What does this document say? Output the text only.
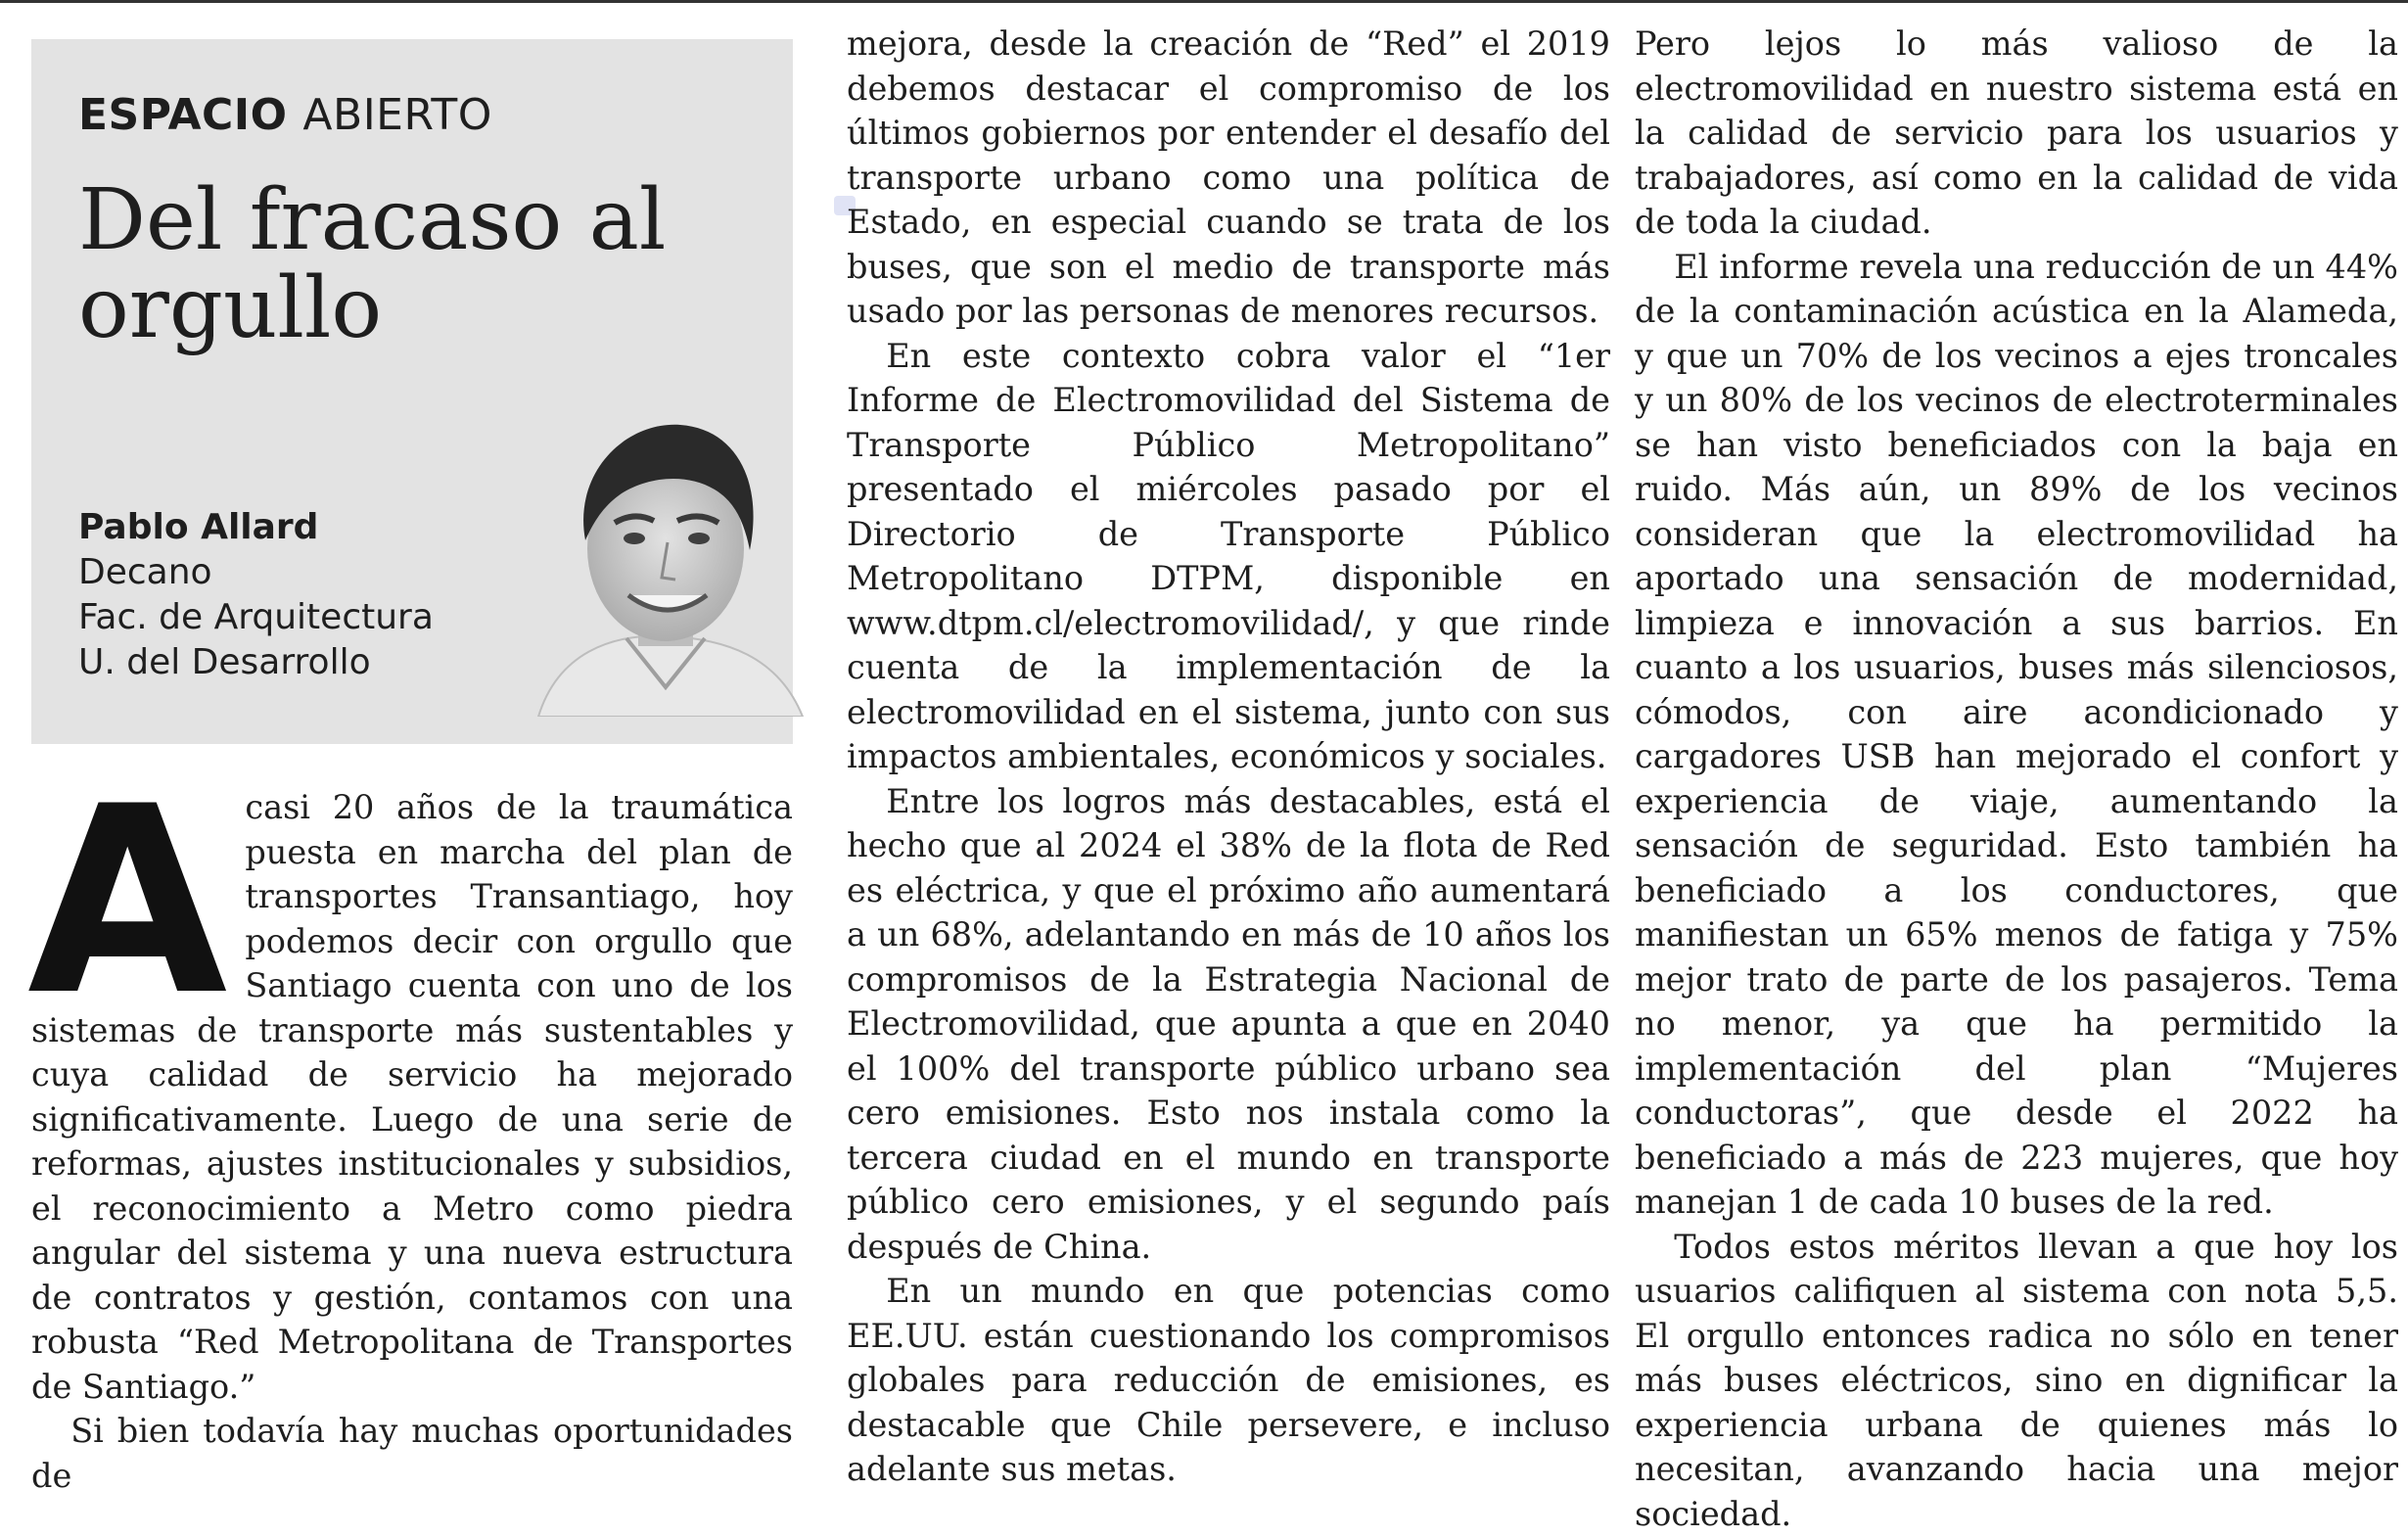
ESPACIO ABIERTO
Del fracaso al
orgullo
Pablo Allard
Decano
Fac. de Arquitectura
U. del Desarrollo

Acasi 20 años de la traumática puesta en marcha del plan de transportes Transantiago, hoy podemos decir con orgullo que Santiago cuenta con uno de los sistemas de transporte más sustentables y cuya calidad de servicio ha mejorado significativamente. Luego de una serie de reformas, ajustes institucionales y subsidios, el reconocimiento a Metro como piedra angular del sistema y una nueva estructura de contratos y gestión, contamos con una robusta “Red Metropolitana de Transportes de Santiago.”

Si bien todavía hay muchas oportunidades de

mejora, desde la creación de “Red” el 2019 debemos destacar el compromiso de los últimos gobiernos por entender el desafío del transporte urbano como una política de Estado, en especial cuando se trata de los buses, que son el medio de transporte más usado por las personas de menores recursos.

En este contexto cobra valor el “1er Informe de Electromovilidad del Sistema de Transporte Público Metropolitano” presentado el miércoles pasado por el Directorio de Transporte Público Metropolitano DTPM, disponible en www.dtpm.cl/electromovilidad/, y que rinde cuenta de la implementación de la electromovilidad en el sistema, junto con sus impactos ambientales, económicos y sociales.

Entre los logros más destacables, está el hecho que al 2024 el 38% de la flota de Red es eléctrica, y que el próximo año aumentará a un 68%, adelantando en más de 10 años los compromisos de la Estrategia Nacional de Electromovilidad, que apunta a que en 2040 el 100% del transporte público urbano sea cero emisiones. Esto nos instala como la tercera ciudad en el mundo en transporte público cero emisiones, y el segundo país después de China.

En un mundo en que potencias como EE.UU. están cuestionando los compromisos globales para reducción de emisiones, es destacable que Chile persevere, e incluso adelante sus metas.

Pero lejos lo más valioso de la electromovilidad en nuestro sistema está en la calidad de servicio para los usuarios y trabajadores, así como en la calidad de vida de toda la ciudad.

El informe revela una reducción de un 44% de la contaminación acústica en la Alameda, y que un 70% de los vecinos a ejes troncales y un 80% de los vecinos de electroterminales se han visto beneficiados con la baja en ruido. Más aún, un 89% de los vecinos consideran que la electromovilidad ha aportado una sensación de modernidad, limpieza e innovación a sus barrios. En cuanto a los usuarios, buses más silenciosos, cómodos, con aire acondicionado y cargadores USB han mejorado el confort y experiencia de viaje, aumentando la sensación de seguridad. Esto también ha beneficiado a los conductores, que manifiestan un 65% menos de fatiga y 75% mejor trato de parte de los pasajeros. Tema no menor, ya que ha permitido la implementación del plan “Mujeres conductoras”, que desde el 2022 ha beneficiado a más de 223 mujeres, que hoy manejan 1 de cada 10 buses de la red.

Todos estos méritos llevan a que hoy los usuarios califiquen al sistema con nota 5,5. El orgullo entonces radica no sólo en tener más buses eléctricos, sino en dignificar la experiencia urbana de quienes más lo necesitan, avanzando hacia una mejor sociedad.
